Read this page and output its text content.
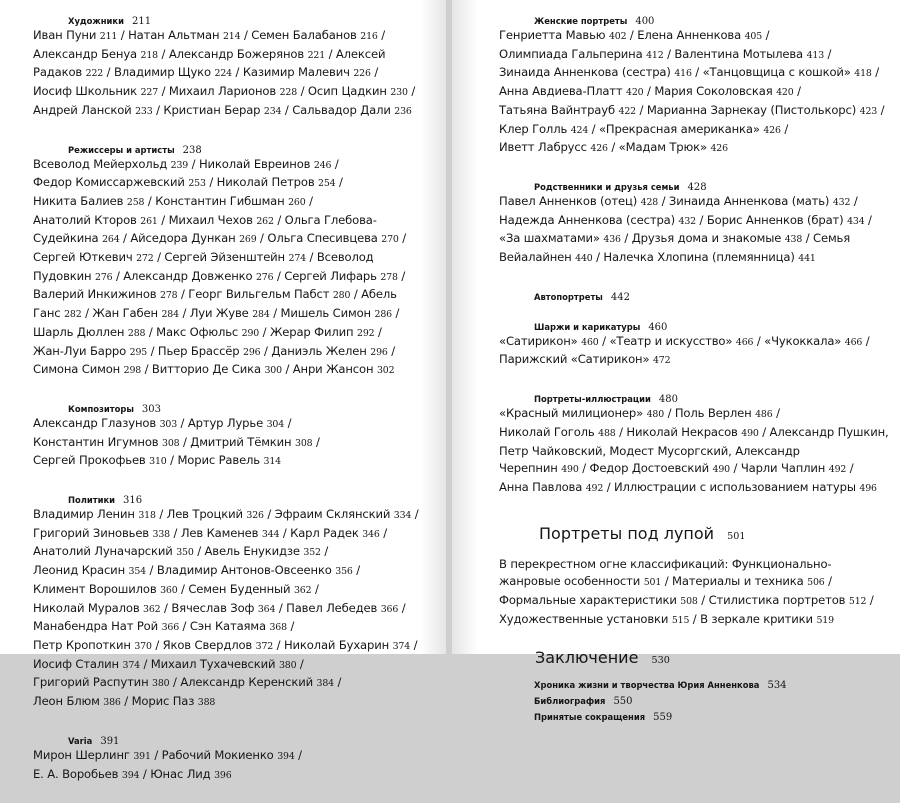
Художники 211
Иван Пуни 211 / Натан Альтман 214 / Семен Балабанов 216 /
Александр Бенуа 218 / Александр Божерянов 221 / Алексей
Радаков 222 / Владимир Щуко 224 / Казимир Малевич 226 /
Иосиф Школьник 227 / Михаил Ларионов 228 / Осип Цадкин 230 /
Андрей Ланской 233 / Кристиан Берар 234 / Сальвадор Дали 236
Режиссеры и артисты 238
Всеволод Мейерхольд 239 / Николай Евреинов 246 /
Федор Комиссаржевский 253 / Николай Петров 254 /
Никита Балиев 258 / Константин Гибшман 260 /
Анатолий Кторов 261 / Михаил Чехов 262 / Ольга Глебова-
Судейкина 264 / Айседора Дункан 269 / Ольга Спесивцева 270 /
Сергей Юткевич 272 / Сергей Эйзенштейн 274 / Всеволод
Пудовкин 276 / Александр Довженко 276 / Сергей Лифарь 278 /
Валерий Инкижинов 278 / Георг Вильгельм Пабст 280 / Абель
Ганс 282 / Жан Габен 284 / Луи Жуве 284 / Мишель Симон 286 /
Шарль Дюллен 288 / Макс Офюльс 290 / Жерар Филип 292 /
Жан-Луи Барро 295 / Пьер Брассёр 296 / Даниэль Желен 296 /
Симона Симон 298 / Витторио Де Сика 300 / Анри Жансон 302
Композиторы 303
Александр Глазунов 303 / Артур Лурье 304 /
Константин Игумнов 308 / Дмитрий Тёмкин 308 /
Сергей Прокофьев 310 / Морис Равель 314
Политики 316
Владимир Ленин 318 / Лев Троцкий 326 / Эфраим Склянский 334 /
Григорий Зиновьев 338 / Лев Каменев 344 / Карл Радек 346 /
Анатолий Луначарский 350 / Авель Енукидзе 352 /
Леонид Красин 354 / Владимир Антонов-Овсеенко 356 /
Климент Ворошилов 360 / Семен Буденный 362 /
Николай Муралов 362 / Вячеслав Зоф 364 / Павел Лебедев 366 /
Манабендра Нат Рой 366 / Сэн Катаяма 368 /
Петр Кропоткин 370 / Яков Свердлов 372 / Николай Бухарин 374 /
Иосиф Сталин 374 / Михаил Тухачевский 380 /
Григорий Распутин 380 / Александр Керенский 384 /
Леон Блюм 386 / Морис Паз 388
Varia 391
Мирон Шерлинг 391 / Рабочий Мокиенко 394 /
Е. А. Воробьев 394 / Юнас Лид 396
Женские портреты 400
Генриетта Мавью 402 / Елена Анненкова 405 /
Олимпиада Гальперина 412 / Валентина Мотылева 413 /
Зинаида Анненкова (сестра) 416 / «Танцовщица с кошкой» 418 /
Анна Авдиева-Платт 420 / Мария Соколовская 420 /
Татьяна Вайнтрауб 422 / Марианна Зарнекау (Пистолькорс) 423 /
Клер Голль 424 / «Прекрасная американка» 426 /
Иветт Лабрусс 426 / «Мадам Трюк» 426
Родственники и друзья семьи 428
Павел Анненков (отец) 428 / Зинаида Анненкова (мать) 432 /
Надежда Анненкова (сестра) 432 / Борис Анненков (брат) 434 /
«За шахматами» 436 / Друзья дома и знакомые 438 / Семья
Вейалайнен 440 / Налечка Хлопина (племянница) 441
Автопортреты 442
Шаржи и карикатуры 460
«Сатирикон» 460 / «Театр и искусство» 466 / «Чукоккала» 466 /
Парижский «Сатирикон» 472
Портреты-иллюстрации 480
«Красный милиционер» 480 / Поль Верлен 486 /
Николай Гоголь 488 / Николай Некрасов 490 / Александр Пушкин,
Петр Чайковский, Модест Мусоргский, Александр
Черепнин 490 / Федор Достоевский 490 / Чарли Чаплин 492 /
Анна Павлова 492 / Иллюстрации с использованием натуры 496
Портреты под лупой 501
В перекрестном огне классификаций: Функционально-
жанровые особенности 501 / Материалы и техника 506 /
Формальные характеристики 508 / Стилистика портретов 512 /
Художественные установки 515 / В зеркале критики 519
Заключение 530
Хроника жизни и творчества Юрия Анненкова 534
Библиография 550
Принятые сокращения 559
